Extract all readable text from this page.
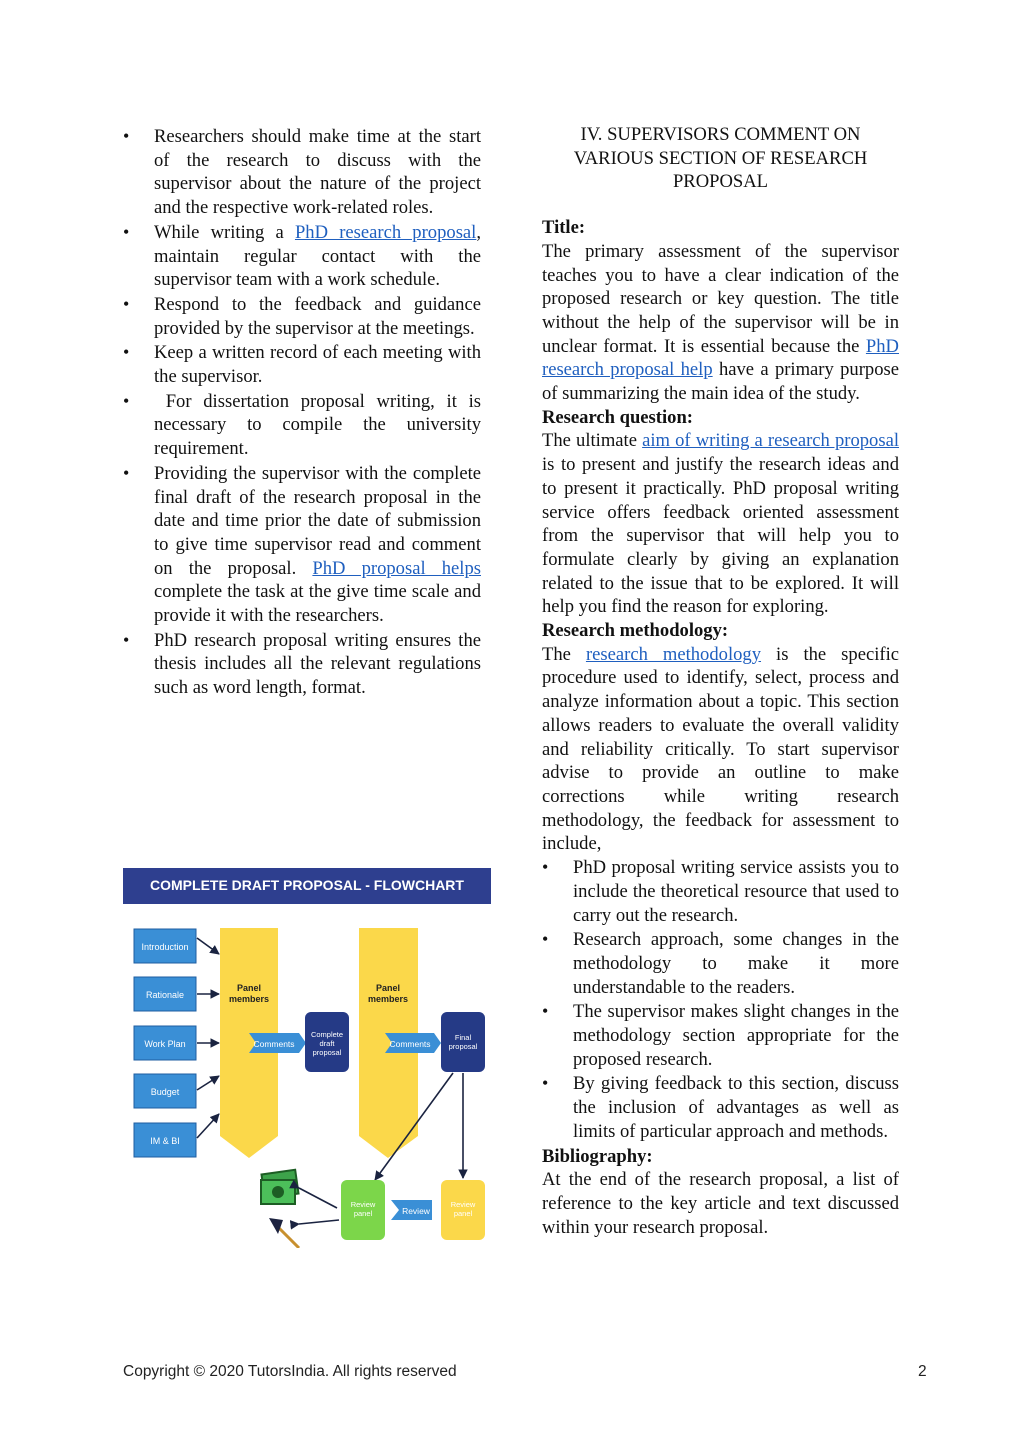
• Researchers should make time at the start of the research to discuss with the supervisor about the nature of the project and the respective work-related roles.
• While writing a PhD research proposal, maintain regular contact with the supervisor team with a work schedule.
• Respond to the feedback and guidance provided by the supervisor at the meetings.
• Keep a written record of each meeting with the supervisor.
•  For dissertation proposal writing, it is necessary to compile the university requirement.
• Providing the supervisor with the complete final draft of the research proposal in the date and time prior the date of submission to give time supervisor read and comment on the proposal. PhD proposal helps complete the task at the give time scale and provide it with the researchers.
• PhD research proposal writing ensures the thesis includes all the relevant regulations such as word length, format.
COMPLETE DRAFT PROPOSAL - FLOWCHART
Introduction
Rationale
Work Plan
Budget
IM & BI
Panel
members
Comments
Complete
draft
proposal
Panel
members
Comments
Final
proposal
Review
panel	Review
Review
panel

IV. SUPERVISORS COMMENT ON VARIOUS SECTION OF RESEARCH PROPOSAL

Title:

The primary assessment of the supervisor teaches you to have a clear indication of the proposed research or key question. The title without the help of the supervisor will be in unclear format. It is essential because the PhD research proposal help have a primary purpose of summarizing the main idea of the study.

Research question:

The ultimate aim of writing a research proposal is to present and justify the research ideas and to present it practically. PhD proposal writing service offers feedback oriented assessment from the supervisor that will help you to formulate clearly by giving an explanation related to the issue that to be explored. It will help you find the reason for exploring.

Research methodology:

The research methodology is the specific procedure used to identify, select, process and analyze information about a topic. This section allows readers to evaluate the overall validity and reliability critically. To start supervisor advise to provide an outline to make corrections while writing research methodology, the feedback for assessment to include,

• PhD proposal writing service assists you to include the theoretical resource that used to carry out the research.
• Research approach, some changes in the methodology to make it more understandable to the readers.
• The supervisor makes slight changes in the methodology section appropriate for the proposed research.
• By giving feedback to this section, discuss the inclusion of advantages as well as limits of particular approach and methods.

Bibliography:

At the end of the research proposal, a list of reference to the key article and text discussed within your research proposal.

Copyright © 2020 TutorsIndia. All rights reserved	2
